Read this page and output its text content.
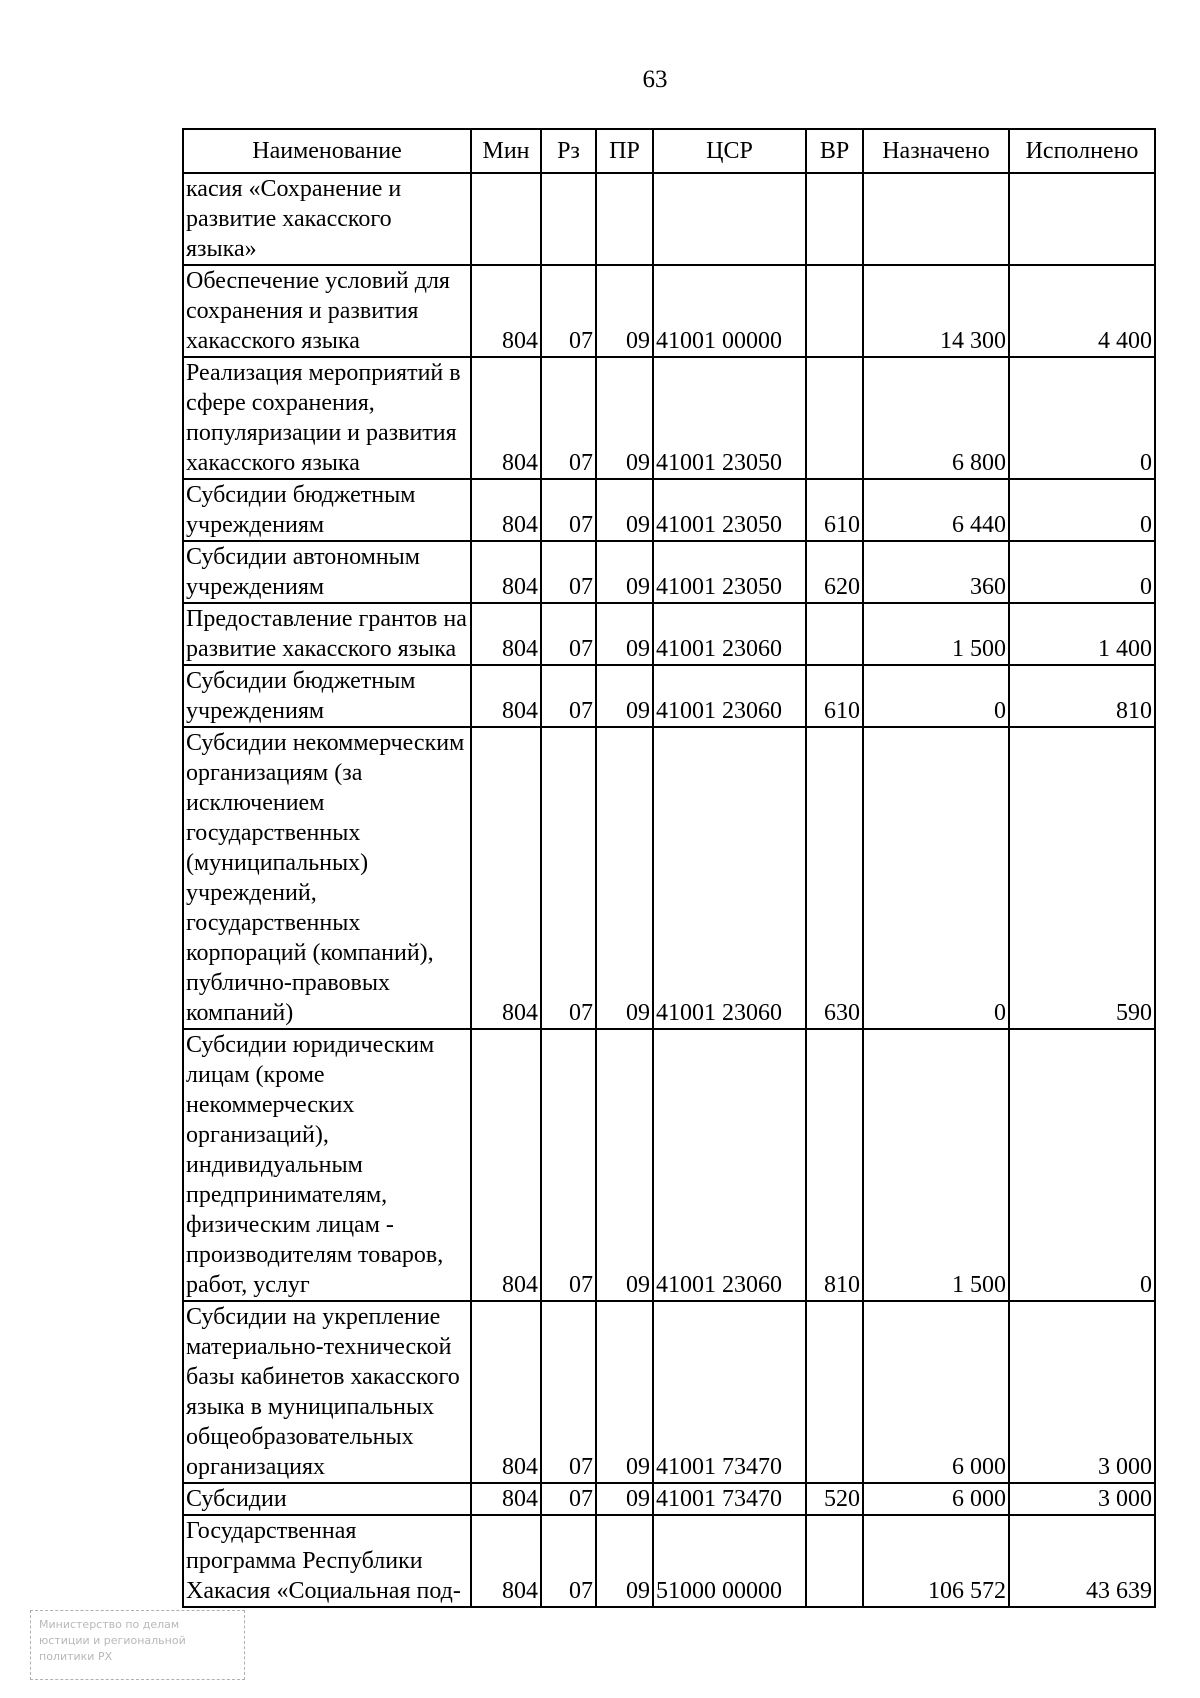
63
Наименование	Мин	Рз	ПР	ЦСР	ВР	Назначено	Исполнено
касия «Сохранение и развитие хакасского языка»							
Обеспечение условий для сохранения и развития хакасского языка	804	07	09	41001 00000		14 300	4 400
Реализация мероприятий в сфере сохранения, популяризации и развития хакасского языка	804	07	09	41001 23050		6 800	0
Субсидии бюджетным учреждениям	804	07	09	41001 23050	610	6 440	0
Субсидии автономным учреждениям	804	07	09	41001 23050	620	360	0
Предоставление грантов на развитие хакасского языка	804	07	09	41001 23060		1 500	1 400
Субсидии бюджетным учреждениям	804	07	09	41001 23060	610	0	810
Субсидии некоммерческим организациям (за исключением государственных (муниципальных) учреждений, государственных корпораций (компаний), публично-правовых компаний)	804	07	09	41001 23060	630	0	590
Субсидии юридическим лицам (кроме некоммерческих организаций), индивидуальным предпринимателям, физическим лицам - производителям товаров, работ, услуг	804	07	09	41001 23060	810	1 500	0
Субсидии на укрепление материально-технической базы кабинетов хакасского языка в муниципальных общеобразовательных организациях	804	07	09	41001 73470		6 000	3 000
Субсидии	804	07	09	41001 73470	520	6 000	3 000
Государственная программа Республики Хакасия «Социальная под-	804	07	09	51000 00000		106 572	43 639
Министерство по делам
юстиции и региональной
политики РХ
